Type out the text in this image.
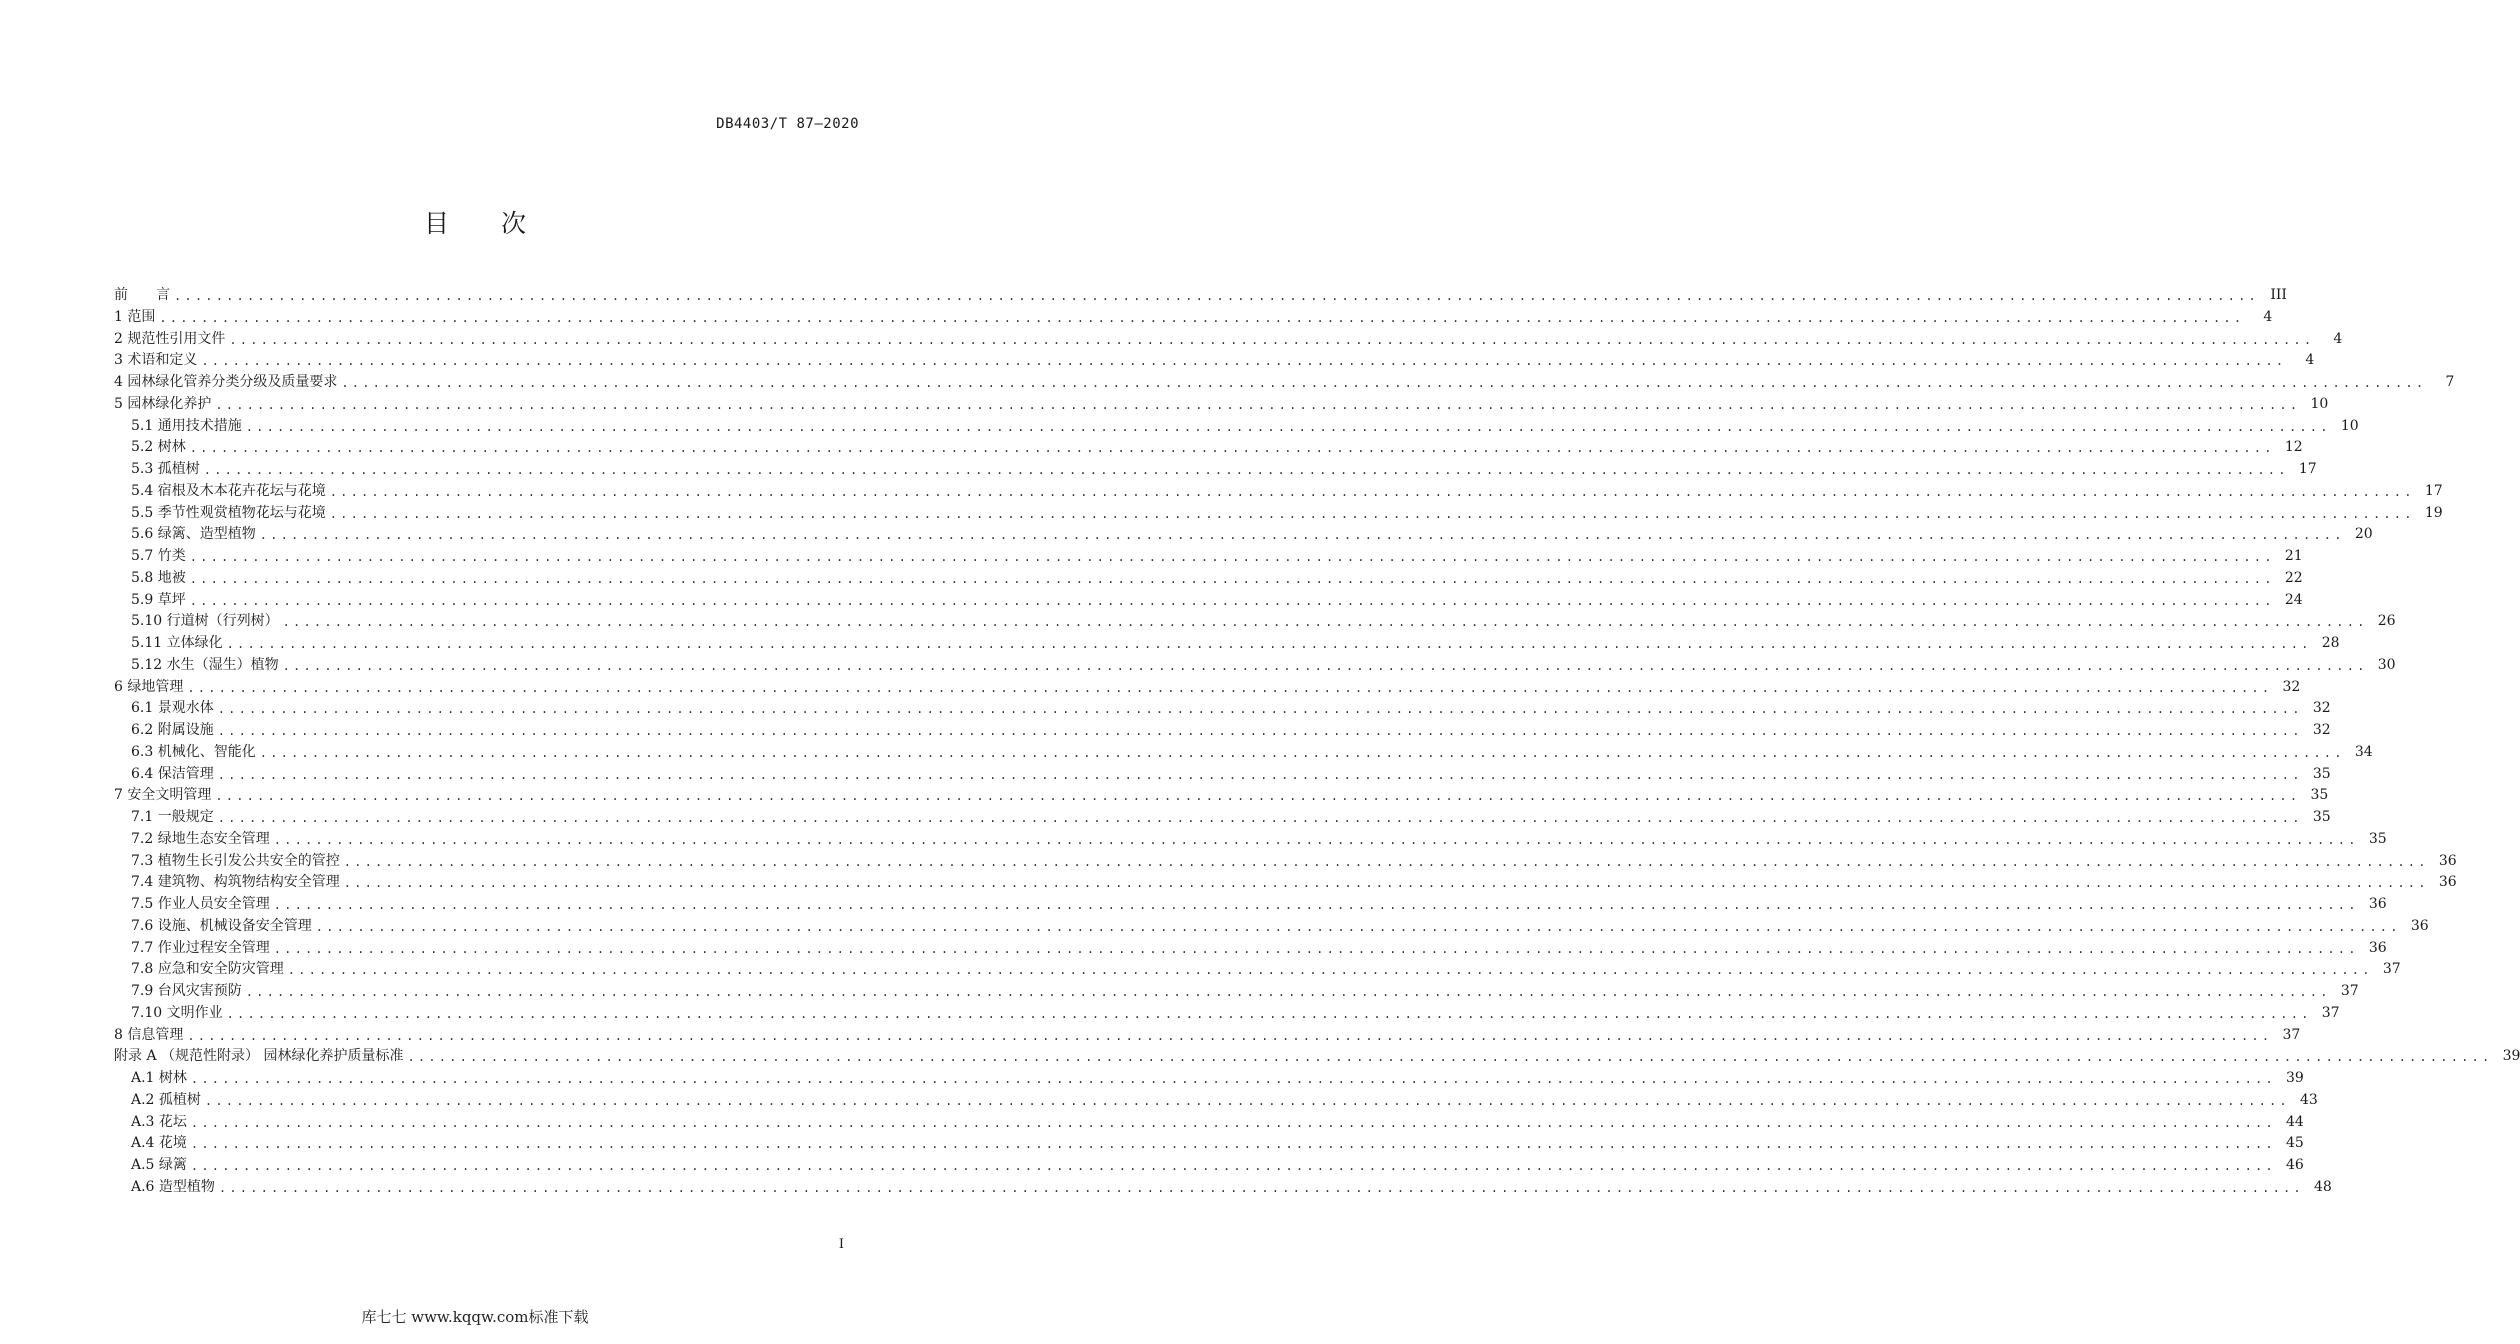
DB4403/T 87—2020
目 次
前　　言 ........................................................................................................................................................................................................ III
1 范围 ........................................................................................................................................................................................................	4
2 规范性引用文件 ........................................................................................................................................................................................................	4
3 术语和定义 ........................................................................................................................................................................................................	4
4 园林绿化管养分类分级及质量要求 ........................................................................................................................................................................................................	7
5 园林绿化养护 ........................................................................................................................................................................................................ 10
5.1 通用技术措施 ........................................................................................................................................................................................................ 10
5.2 树林 ........................................................................................................................................................................................................ 12
5.3 孤植树 ........................................................................................................................................................................................................ 17
5.4 宿根及木本花卉花坛与花境 ........................................................................................................................................................................................................ 17
5.5 季节性观赏植物花坛与花境 ........................................................................................................................................................................................................ 19
5.6 绿篱、造型植物 ........................................................................................................................................................................................................ 20
5.7 竹类 ........................................................................................................................................................................................................ 21
5.8 地被 ........................................................................................................................................................................................................ 22
5.9 草坪 ........................................................................................................................................................................................................ 24
5.10 行道树（行列树） ........................................................................................................................................................................................................ 26
5.11 立体绿化 ........................................................................................................................................................................................................ 28
5.12 水生（湿生）植物 ........................................................................................................................................................................................................ 30
6 绿地管理 ........................................................................................................................................................................................................ 32
6.1 景观水体 ........................................................................................................................................................................................................ 32
6.2 附属设施 ........................................................................................................................................................................................................ 32
6.3 机械化、智能化 ........................................................................................................................................................................................................ 34
6.4 保洁管理 ........................................................................................................................................................................................................ 35
7 安全文明管理 ........................................................................................................................................................................................................ 35
7.1 一般规定 ........................................................................................................................................................................................................ 35
7.2 绿地生态安全管理 ........................................................................................................................................................................................................ 35
7.3 植物生长引发公共安全的管控 ........................................................................................................................................................................................................ 36
7.4 建筑物、构筑物结构安全管理 ........................................................................................................................................................................................................ 36
7.5 作业人员安全管理 ........................................................................................................................................................................................................ 36
7.6 设施、机械设备安全管理 ........................................................................................................................................................................................................ 36
7.7 作业过程安全管理 ........................................................................................................................................................................................................ 36
7.8 应急和安全防灾管理 ........................................................................................................................................................................................................ 37
7.9 台风灾害预防 ........................................................................................................................................................................................................ 37
7.10 文明作业 ........................................................................................................................................................................................................ 37
8 信息管理 ........................................................................................................................................................................................................ 37
附录 A （规范性附录） 园林绿化养护质量标准 ........................................................................................................................................................................................................ 39
A.1 树林 ........................................................................................................................................................................................................ 39
A.2 孤植树 ........................................................................................................................................................................................................ 43
A.3 花坛 ........................................................................................................................................................................................................ 44
A.4 花境 ........................................................................................................................................................................................................ 45
A.5 绿篱 ........................................................................................................................................................................................................ 46
A.6 造型植物 ........................................................................................................................................................................................................ 48
I
库七七 www.kqqw.com标准下载
